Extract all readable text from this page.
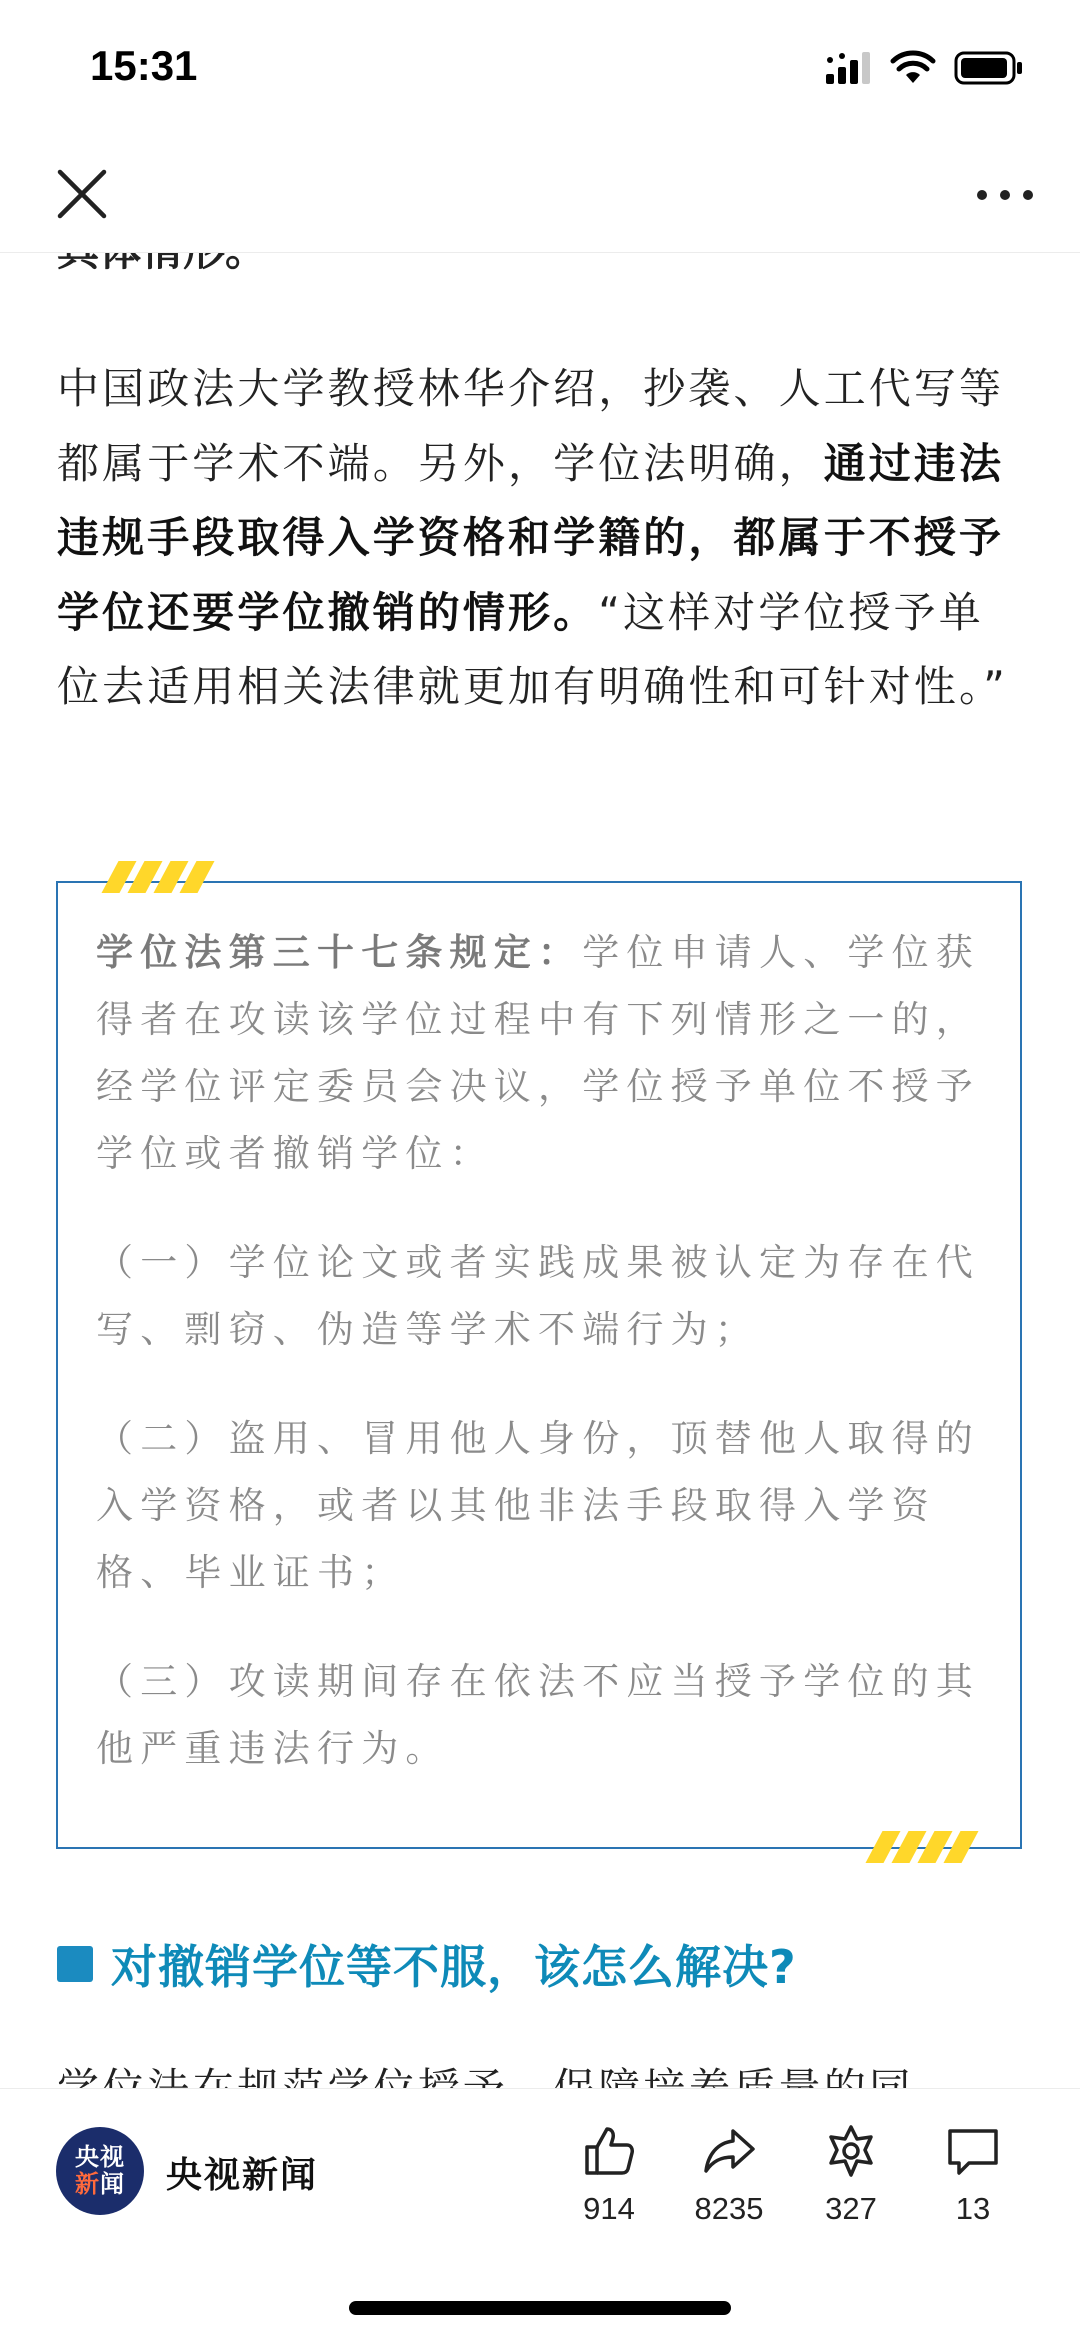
15:31

中国政法大学教授林华介绍，抄袭、人工代写等都属于学术不端。另外，学位法明确，通过违法违规手段取得入学资格和学籍的，都属于不授予学位还要学位撤销的情形。“这样对学位授予单位去适用相关法律就更加有明确性和可针对性。”

学位法第三十七条规定：学位申请人、学位获得者在攻读该学位过程中有下列情形之一的，经学位评定委员会决议，学位授予单位不授予学位或者撤销学位：

（一）学位论文或者实践成果被认定为存在代写、剽窃、伪造等学术不端行为；

（二）盗用、冒用他人身份，顶替他人取得的入学资格，或者以其他非法手段取得入学资格、毕业证书；

（三）攻读期间存在依法不应当授予学位的其他严重违法行为。

对撤销学位等不服，该怎么解决?
央视
新闻	央视新闻
914	8235	327	13
